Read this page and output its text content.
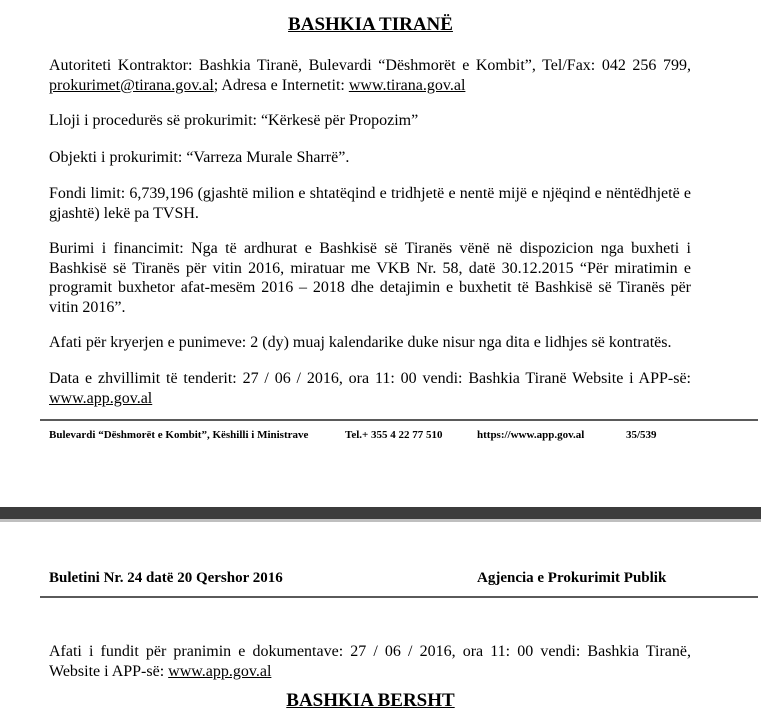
BASHKIA TIRANË

Autoriteti Kontraktor: Bashkia Tiranë, Bulevardi “Dëshmorët e Kombit”, Tel/Fax: 042 256 799, prokurimet@tirana.gov.al; Adresa e Internetit: www.tirana.gov.al

Lloji i procedurës së prokurimit: “Kërkesë për Propozim”

Objekti i prokurimit: “Varreza Murale Sharrë”.

Fondi limit: 6,739,196 (gjashtë milion e shtatëqind e tridhjetë e nentë mijë e njëqind e nëntëdhjetë e gjashtë) lekë pa TVSH.

Burimi i financimit: Nga të ardhurat e Bashkisë së Tiranës vënë në dispozicion nga buxheti i Bashkisë së Tiranës për vitin 2016, miratuar me VKB Nr. 58, datë 30.12.2015 “Për miratimin e programit buxhetor afat-mesëm 2016 – 2018 dhe detajimin e buxhetit të Bashkisë së Tiranës për vitin 2016”.

Afati për kryerjen e punimeve: 2 (dy) muaj kalendarike duke nisur nga dita e lidhjes së kontratës.

Data e zhvillimit të tenderit: 27 / 06 / 2016, ora 11: 00 vendi: Bashkia Tiranë Website i APP-së: www.app.gov.al

Bulevardi “Dëshmorët e Kombit”, Këshilli i Ministrave	Tel.+ 355 4 22 77 510	https://www.app.gov.al	35/539
Buletini Nr. 24 datë 20 Qershor 2016	Agjencia e Prokurimit Publik

Afati i fundit për pranimin e dokumentave: 27 / 06 / 2016, ora 11: 00 vendi: Bashkia Tiranë, Website i APP-së: www.app.gov.al

BASHKIA BERSHT
